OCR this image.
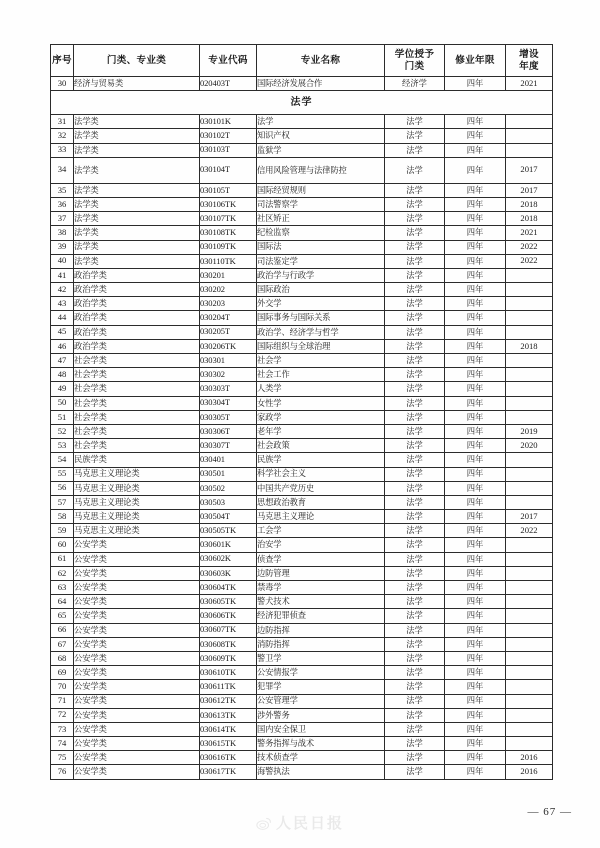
序号	门类、专业类	专业代码	专业名称	学位授予
门类	修业年限	增设
年度
30	经济与贸易类	020403T	国际经济发展合作	经济学	四年	2021
法学						
31	法学类	030101K	法学	法学	四年	
32	法学类	030102T	知识产权	法学	四年	
33	法学类	030103T	监狱学	法学	四年	
34	法学类	030104T	信用风险管理与法律防控	法学	四年	2017
35	法学类	030105T	国际经贸规则	法学	四年	2017
36	法学类	030106TK	司法警察学	法学	四年	2018
37	法学类	030107TK	社区矫正	法学	四年	2018
38	法学类	030108TK	纪检监察	法学	四年	2021
39	法学类	030109TK	国际法	法学	四年	2022
40	法学类	030110TK	司法鉴定学	法学	四年	2022
41	政治学类	030201	政治学与行政学	法学	四年	
42	政治学类	030202	国际政治	法学	四年	
43	政治学类	030203	外交学	法学	四年	
44	政治学类	030204T	国际事务与国际关系	法学	四年	
45	政治学类	030205T	政治学、经济学与哲学	法学	四年	
46	政治学类	030206TK	国际组织与全球治理	法学	四年	2018
47	社会学类	030301	社会学	法学	四年	
48	社会学类	030302	社会工作	法学	四年	
49	社会学类	030303T	人类学	法学	四年	
50	社会学类	030304T	女性学	法学	四年	
51	社会学类	030305T	家政学	法学	四年	
52	社会学类	030306T	老年学	法学	四年	2019
53	社会学类	030307T	社会政策	法学	四年	2020
54	民族学类	030401	民族学	法学	四年	
55	马克思主义理论类	030501	科学社会主义	法学	四年	
56	马克思主义理论类	030502	中国共产党历史	法学	四年	
57	马克思主义理论类	030503	思想政治教育	法学	四年	
58	马克思主义理论类	030504T	马克思主义理论	法学	四年	2017
59	马克思主义理论类	030505TK	工会学	法学	四年	2022
60	公安学类	030601K	治安学	法学	四年	
61	公安学类	030602K	侦查学	法学	四年	
62	公安学类	030603K	边防管理	法学	四年	
63	公安学类	030604TK	禁毒学	法学	四年	
64	公安学类	030605TK	警犬技术	法学	四年	
65	公安学类	030606TK	经济犯罪侦查	法学	四年	
66	公安学类	030607TK	边防指挥	法学	四年	
67	公安学类	030608TK	消防指挥	法学	四年	
68	公安学类	030609TK	警卫学	法学	四年	
69	公安学类	030610TK	公安情报学	法学	四年	
70	公安学类	030611TK	犯罪学	法学	四年	
71	公安学类	030612TK	公安管理学	法学	四年	
72	公安学类	030613TK	涉外警务	法学	四年	
73	公安学类	030614TK	国内安全保卫	法学	四年	
74	公安学类	030615TK	警务指挥与战术	法学	四年	
75	公安学类	030616TK	技术侦查学	法学	四年	2016
76	公安学类	030617TK	海警执法	法学	四年	2016
人民日报
— 67 —
